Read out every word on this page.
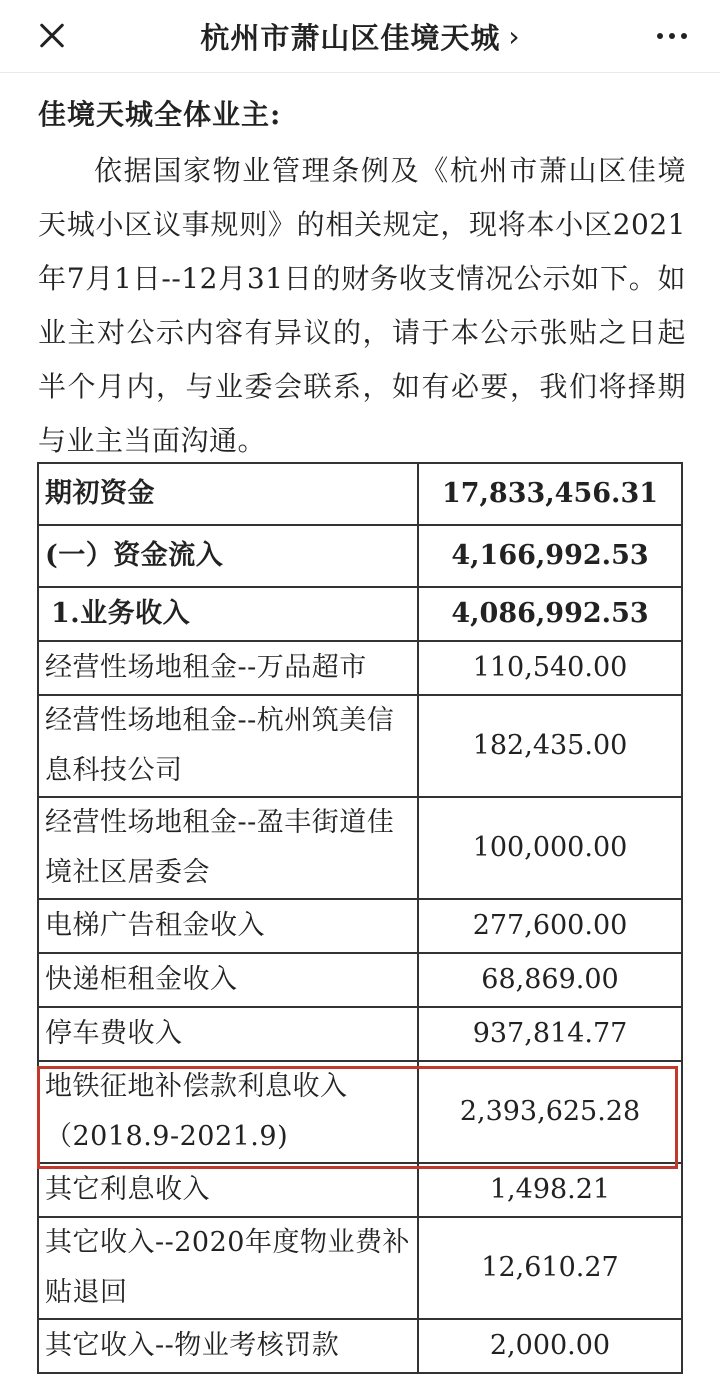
杭州市萧山区佳境天城 ›

佳境天城全体业主:

依据国家物业管理条例及《杭州市萧山区佳境天城小区议事规则》的相关规定，现将本小区2021年7月1日--12月31日的财务收支情况公示如下。如业主对公示内容有异议的，请于本公示张贴之日起半个月内，与业委会联系，如有必要，我们将择期与业主当面沟通。

期初资金	17,833,456.31
(一）资金流入	4,166,992.53
1.业务收入	4,086,992.53
经营性场地租金--万品超市	110,540.00
经营性场地租金--杭州筑美信息科技公司	182,435.00
经营性场地租金--盈丰街道佳境社区居委会	100,000.00
电梯广告租金收入	277,600.00
快递柜租金收入	68,869.00
停车费收入	937,814.77
地铁征地补偿款利息收入（2018.9-2021.9)	2,393,625.28
其它利息收入	1,498.21
其它收入--2020年度物业费补贴退回	12,610.27
其它收入--物业考核罚款	2,000.00
